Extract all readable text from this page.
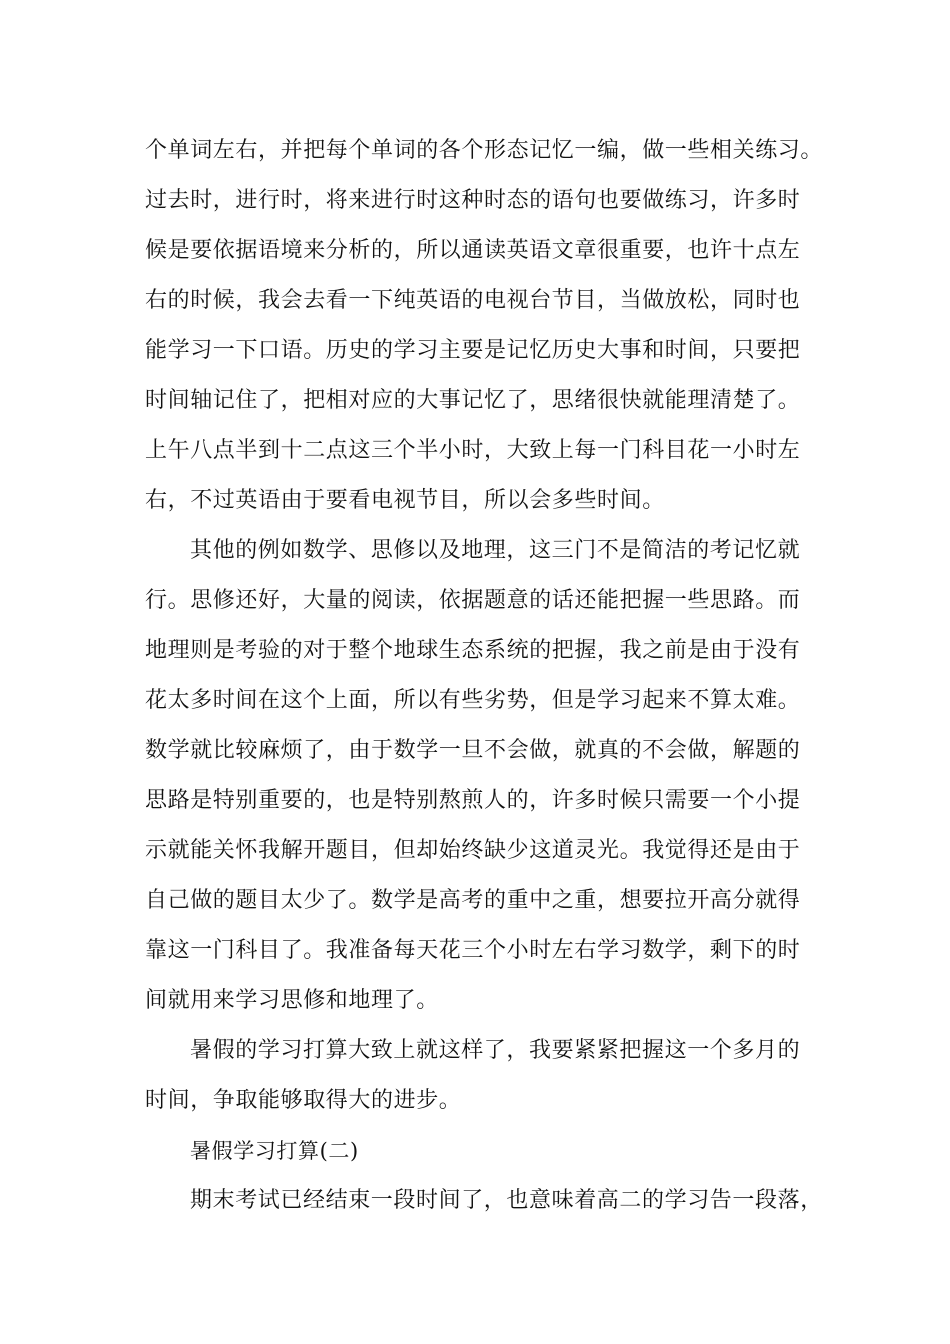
个单词左右，并把每个单词的各个形态记忆一编，做一些相关练习。
过去时，进行时，将来进行时这种时态的语句也要做练习，许多时
候是要依据语境来分析的，所以通读英语文章很重要，也许十点左
右的时候，我会去看一下纯英语的电视台节目，当做放松，同时也
能学习一下口语。历史的学习主要是记忆历史大事和时间，只要把
时间轴记住了，把相对应的大事记忆了，思绪很快就能理清楚了。
上午八点半到十二点这三个半小时，大致上每一门科目花一小时左
右，不过英语由于要看电视节目，所以会多些时间。
其他的例如数学、思修以及地理，这三门不是简洁的考记忆就
行。思修还好，大量的阅读，依据题意的话还能把握一些思路。而
地理则是考验的对于整个地球生态系统的把握，我之前是由于没有
花太多时间在这个上面，所以有些劣势，但是学习起来不算太难。
数学就比较麻烦了，由于数学一旦不会做，就真的不会做，解题的
思路是特别重要的，也是特别熬煎人的，许多时候只需要一个小提
示就能关怀我解开题目，但却始终缺少这道灵光。我觉得还是由于
自己做的题目太少了。数学是高考的重中之重，想要拉开高分就得
靠这一门科目了。我准备每天花三个小时左右学习数学，剩下的时
间就用来学习思修和地理了。
暑假的学习打算大致上就这样了，我要紧紧把握这一个多月的
时间，争取能够取得大的进步。
暑假学习打算(二)
期末考试已经结束一段时间了，也意味着高二的学习告一段落，
